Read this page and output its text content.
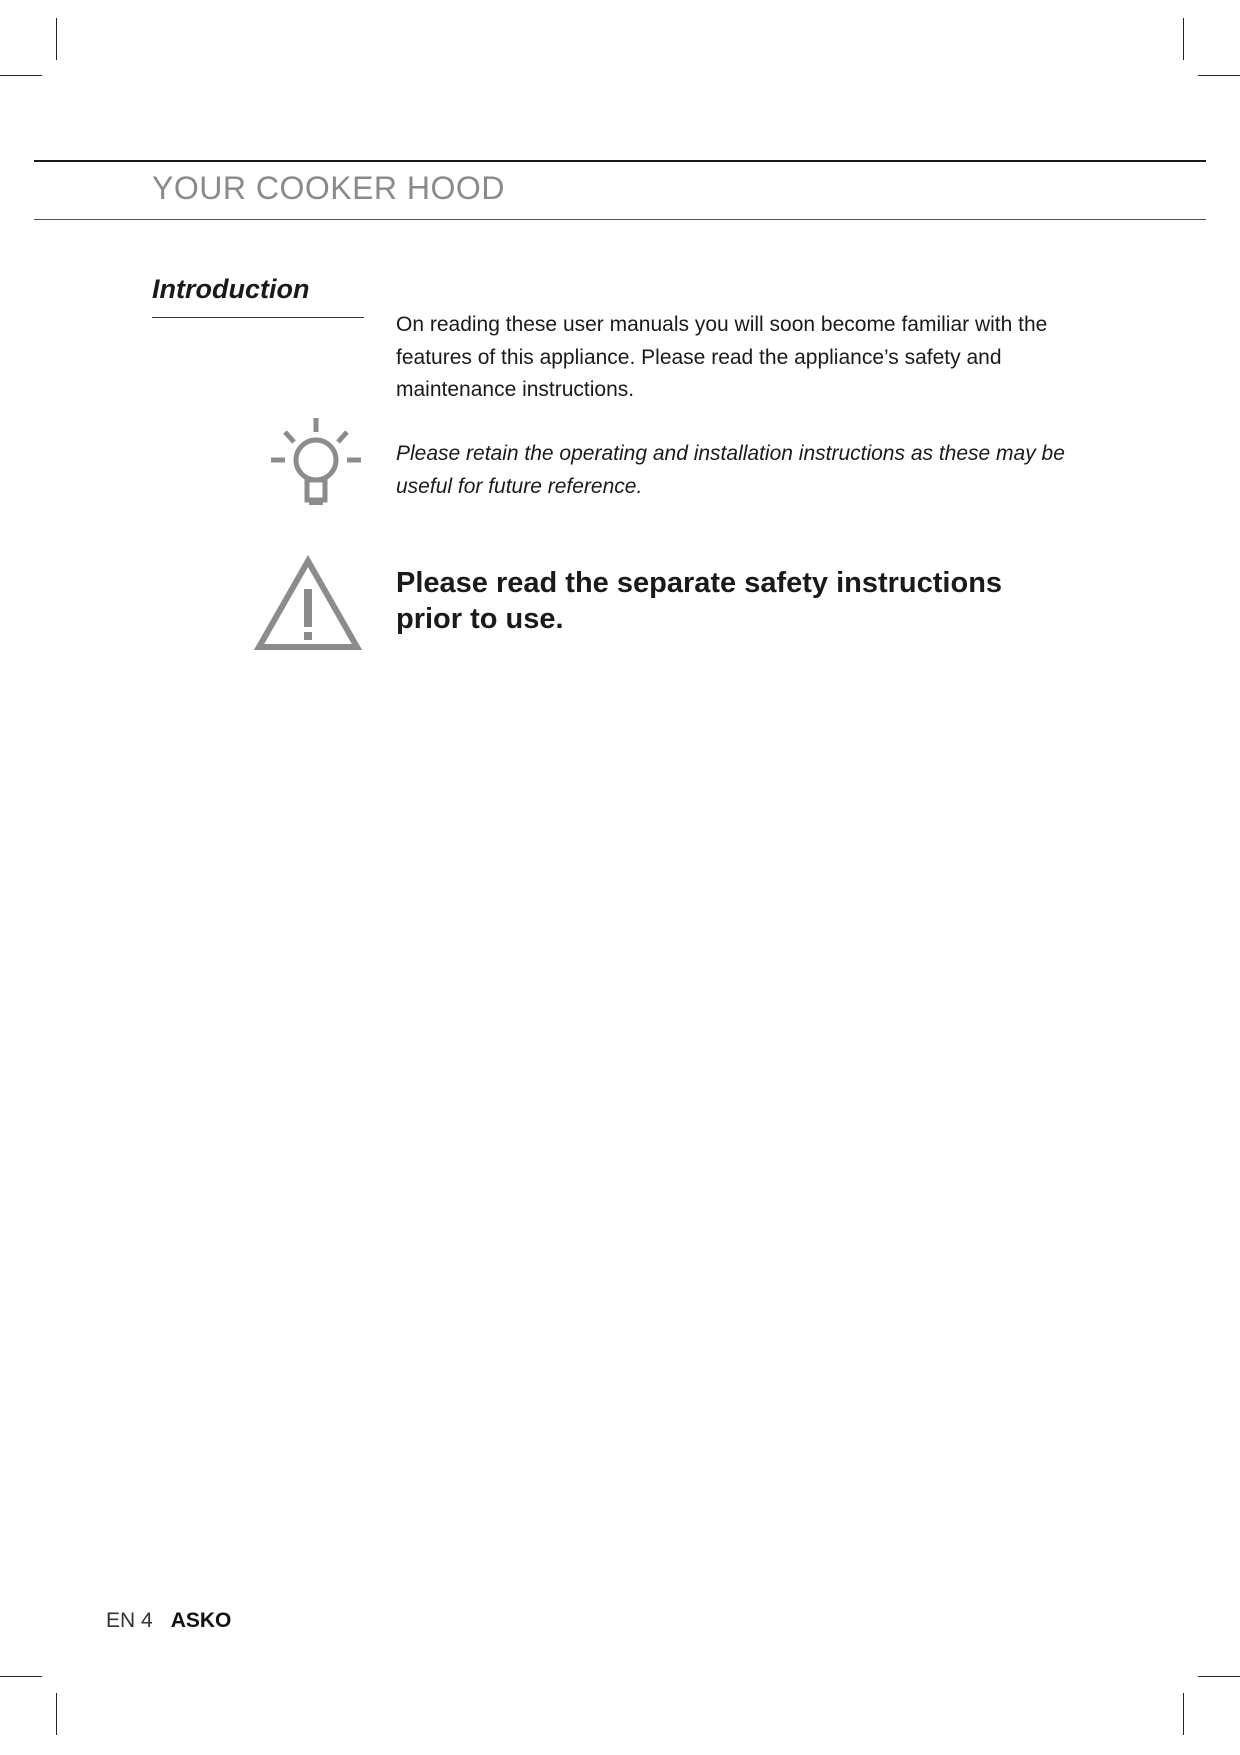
YOUR COOKER HOOD
Introduction

On reading these user manuals you will soon become familiar with the features of this appliance. Please read the appliance’s safety and maintenance instructions.

Please retain the operating and installation instructions as these may be useful for future reference.

Please read the separate safety instructions prior to use.

EN 4 ASKO
